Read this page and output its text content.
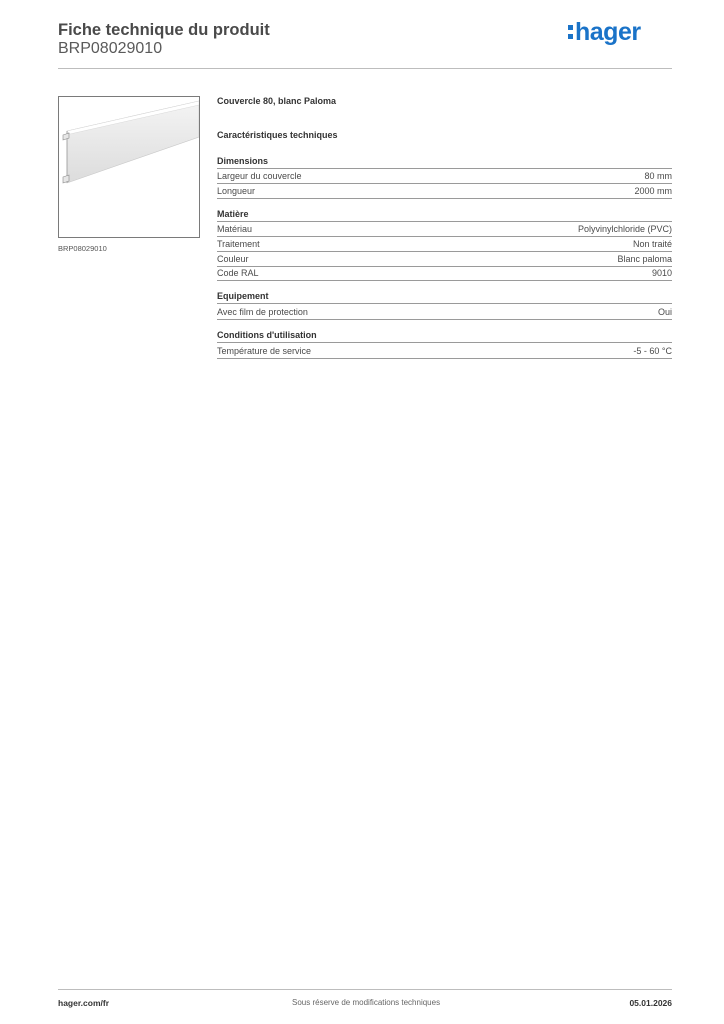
Fiche technique du produit
BRP08029010
hager
BRP08029010
Couvercle 80, blanc Paloma
Caractéristiques techniques
Dimensions
Largeur du couvercle	80 mm
Longueur	2000 mm
Matière
Matériau	Polyvinylchloride (PVC)
Traitement	Non traité
Couleur	Blanc paloma
Code RAL	9010
Equipement
Avec film de protection	Oui
Conditions d'utilisation
Température de service	-5 - 60 °C
hager.com/fr	Sous réserve de modifications techniques	05.01.2026
